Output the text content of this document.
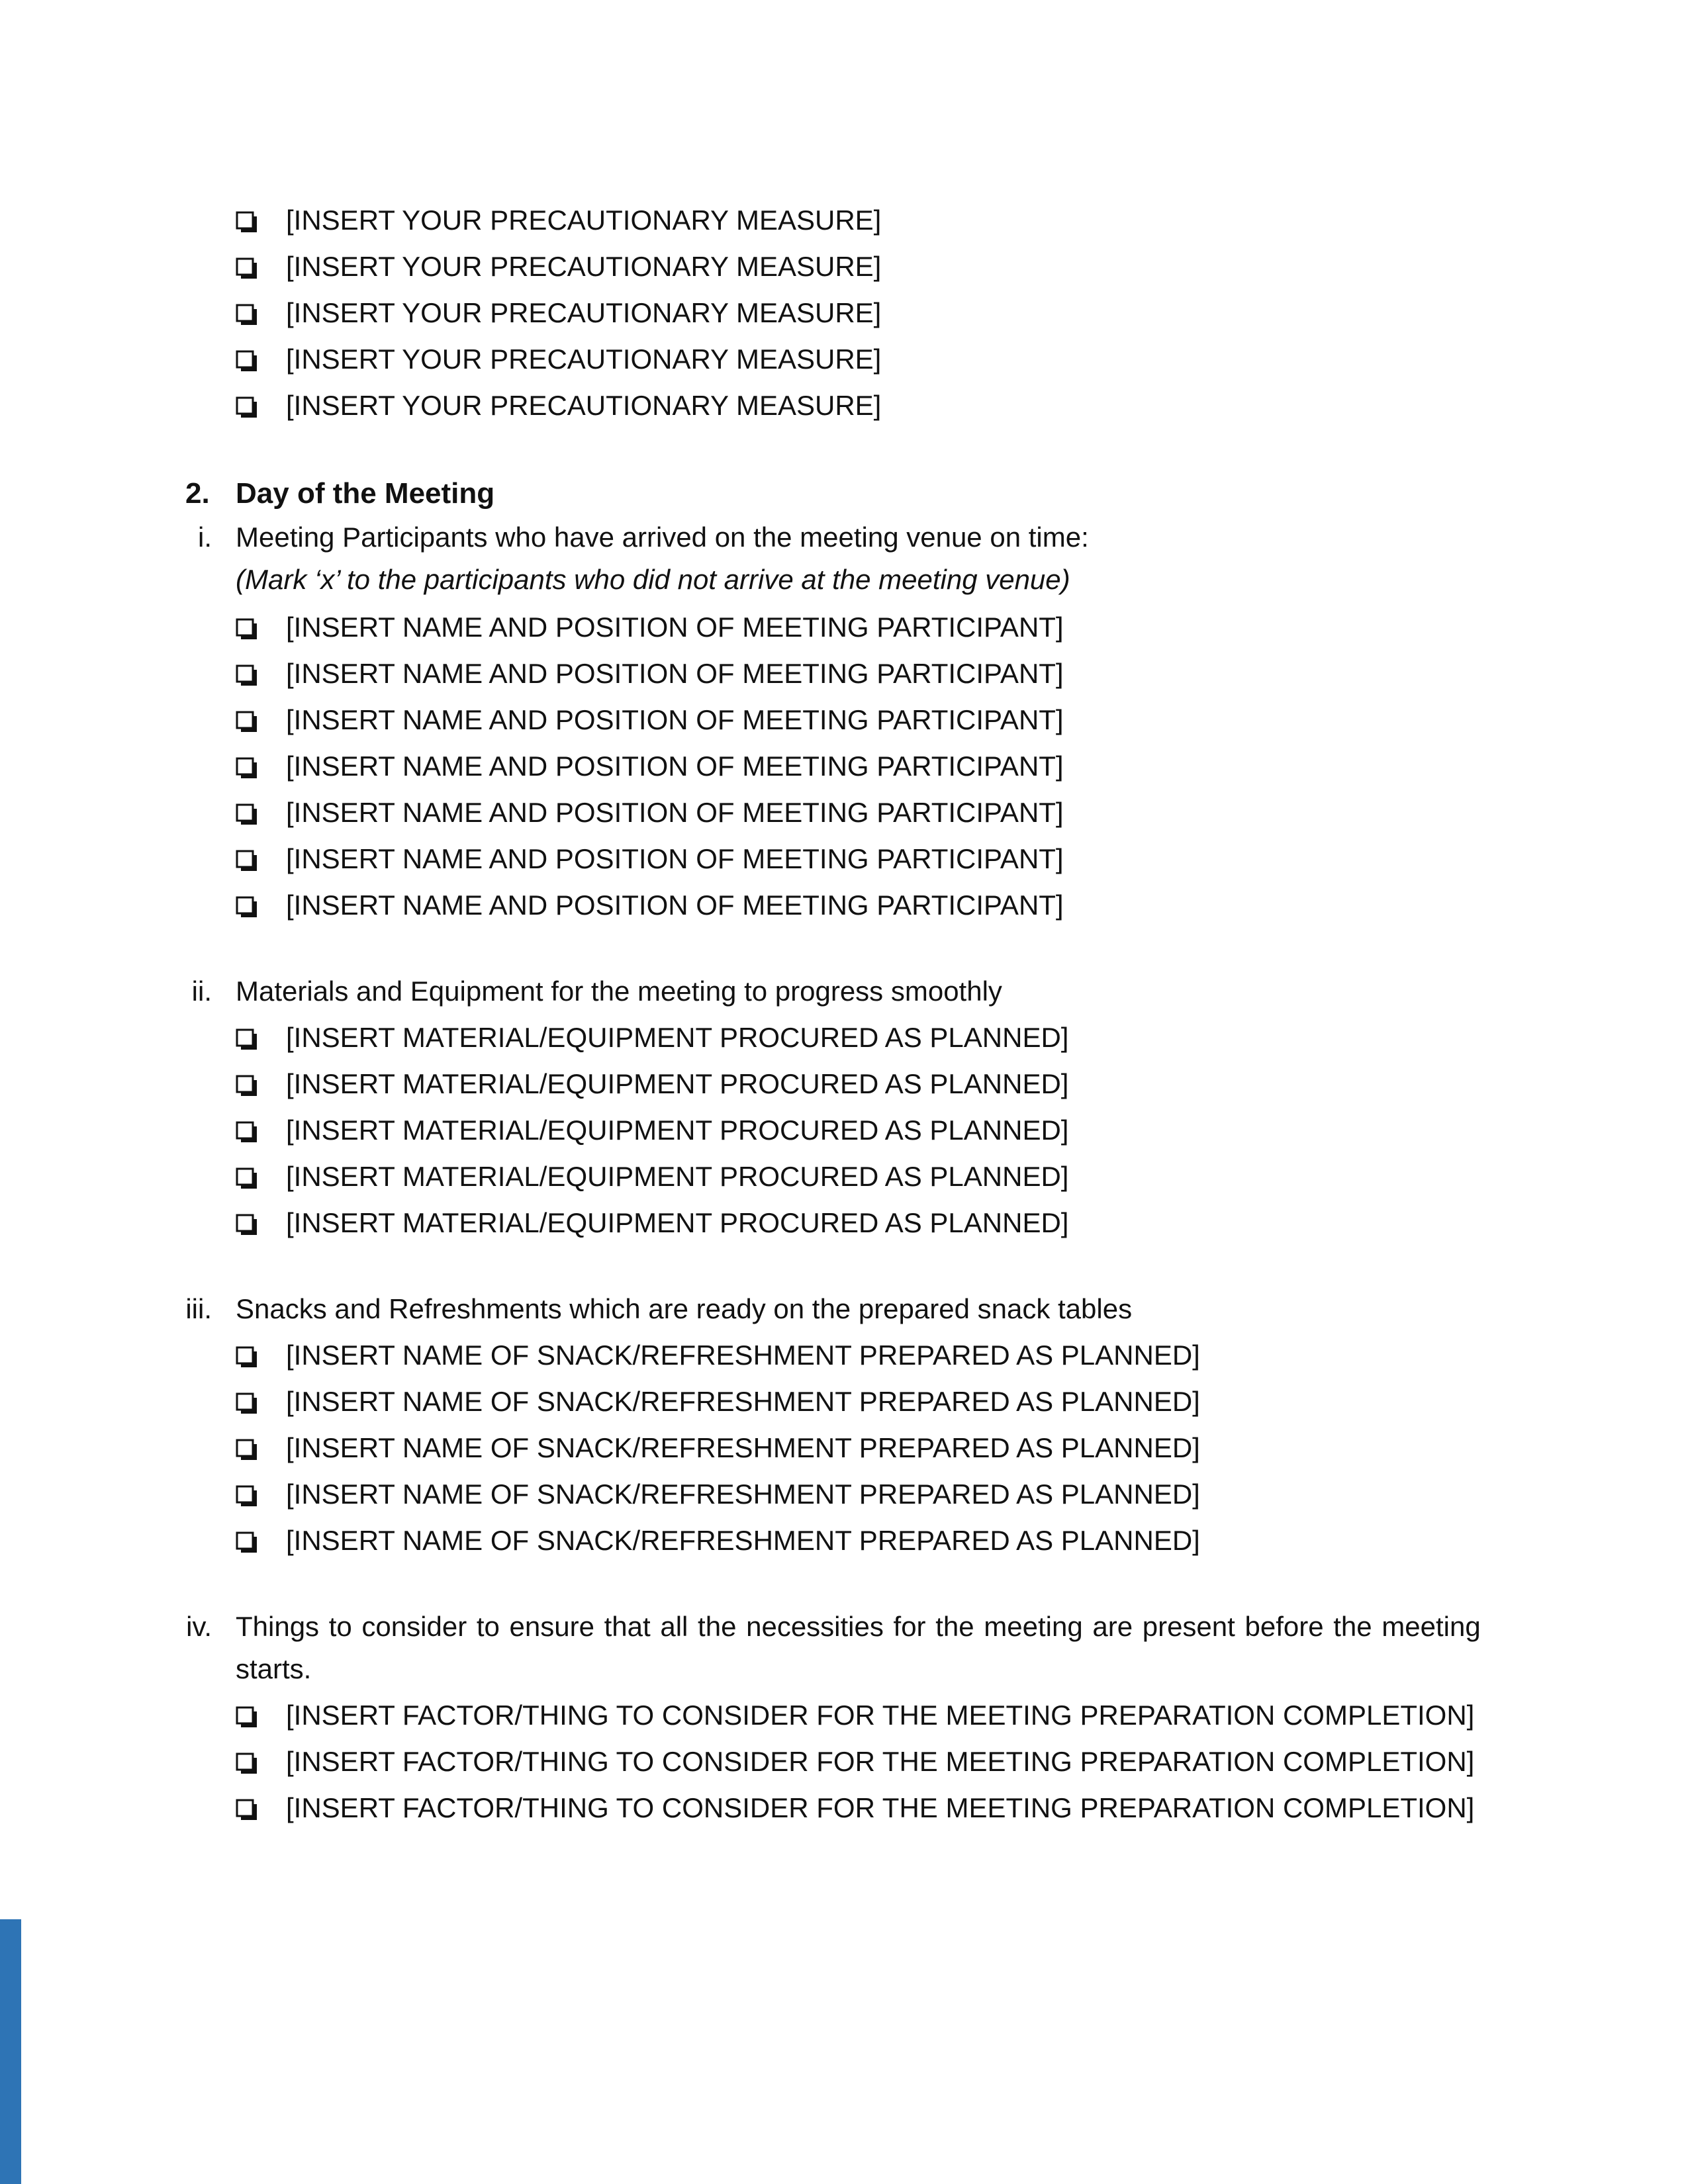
[INSERT YOUR PRECAUTIONARY MEASURE]
[INSERT YOUR PRECAUTIONARY MEASURE]
[INSERT YOUR PRECAUTIONARY MEASURE]
[INSERT YOUR PRECAUTIONARY MEASURE]
[INSERT YOUR PRECAUTIONARY MEASURE]
2. Day of the Meeting
i. Meeting Participants who have arrived on the meeting venue on time:
(Mark ‘x’ to the participants who did not arrive at the meeting venue)
[INSERT NAME AND POSITION OF MEETING PARTICIPANT]
[INSERT NAME AND POSITION OF MEETING PARTICIPANT]
[INSERT NAME AND POSITION OF MEETING PARTICIPANT]
[INSERT NAME AND POSITION OF MEETING PARTICIPANT]
[INSERT NAME AND POSITION OF MEETING PARTICIPANT]
[INSERT NAME AND POSITION OF MEETING PARTICIPANT]
[INSERT NAME AND POSITION OF MEETING PARTICIPANT]
ii. Materials and Equipment for the meeting to progress smoothly
[INSERT MATERIAL/EQUIPMENT PROCURED AS PLANNED]
[INSERT MATERIAL/EQUIPMENT PROCURED AS PLANNED]
[INSERT MATERIAL/EQUIPMENT PROCURED AS PLANNED]
[INSERT MATERIAL/EQUIPMENT PROCURED AS PLANNED]
[INSERT MATERIAL/EQUIPMENT PROCURED AS PLANNED]
iii. Snacks and Refreshments which are ready on the prepared snack tables
[INSERT NAME OF SNACK/REFRESHMENT PREPARED AS PLANNED]
[INSERT NAME OF SNACK/REFRESHMENT PREPARED AS PLANNED]
[INSERT NAME OF SNACK/REFRESHMENT PREPARED AS PLANNED]
[INSERT NAME OF SNACK/REFRESHMENT PREPARED AS PLANNED]
[INSERT NAME OF SNACK/REFRESHMENT PREPARED AS PLANNED]
iv. Things to consider to ensure that all the necessities for the meeting are present before the meeting
starts.
[INSERT FACTOR/THING TO CONSIDER FOR THE MEETING PREPARATION COMPLETION]
[INSERT FACTOR/THING TO CONSIDER FOR THE MEETING PREPARATION COMPLETION]
[INSERT FACTOR/THING TO CONSIDER FOR THE MEETING PREPARATION COMPLETION]
